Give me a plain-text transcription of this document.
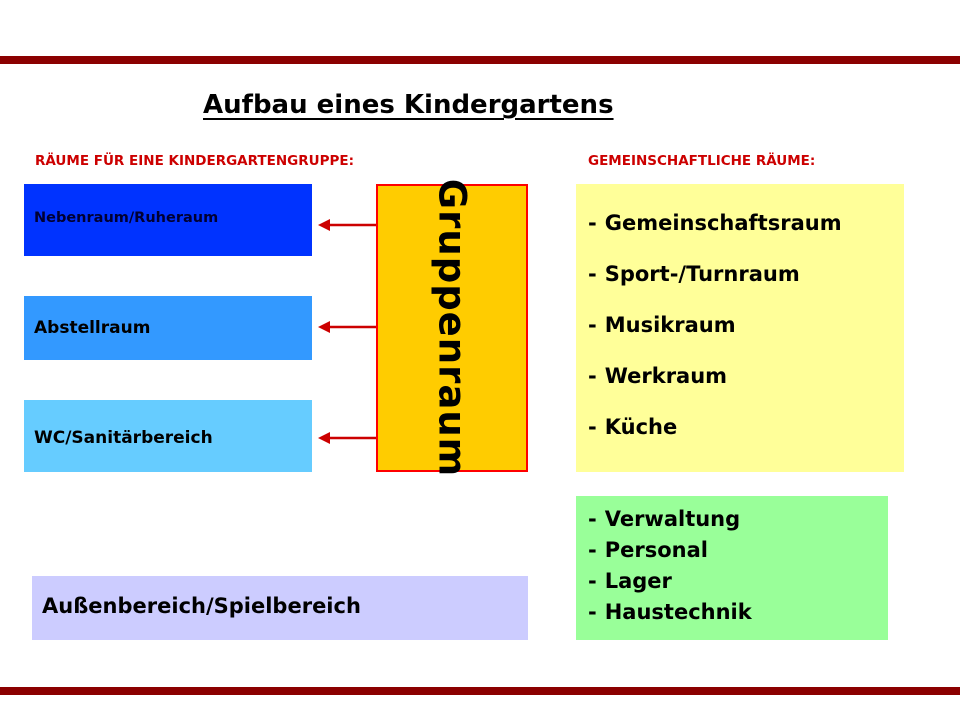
Aufbau eines Kindergartens
RÄUME FÜR EINE KINDERGARTENGRUPPE:	GEMEINSCHAFTLICHE RÄUME:
Nebenraum/Ruheraum
Abstellraum
WC/Sanitärbereich	Gruppenraum	- Gemeinschaftsraum
- Sport-/Turnraum
- Musikraum
- Werkraum
- Küche
- Verwaltung
- Personal
- Lager
- Haustechnik
Außenbereich/Spielbereich
